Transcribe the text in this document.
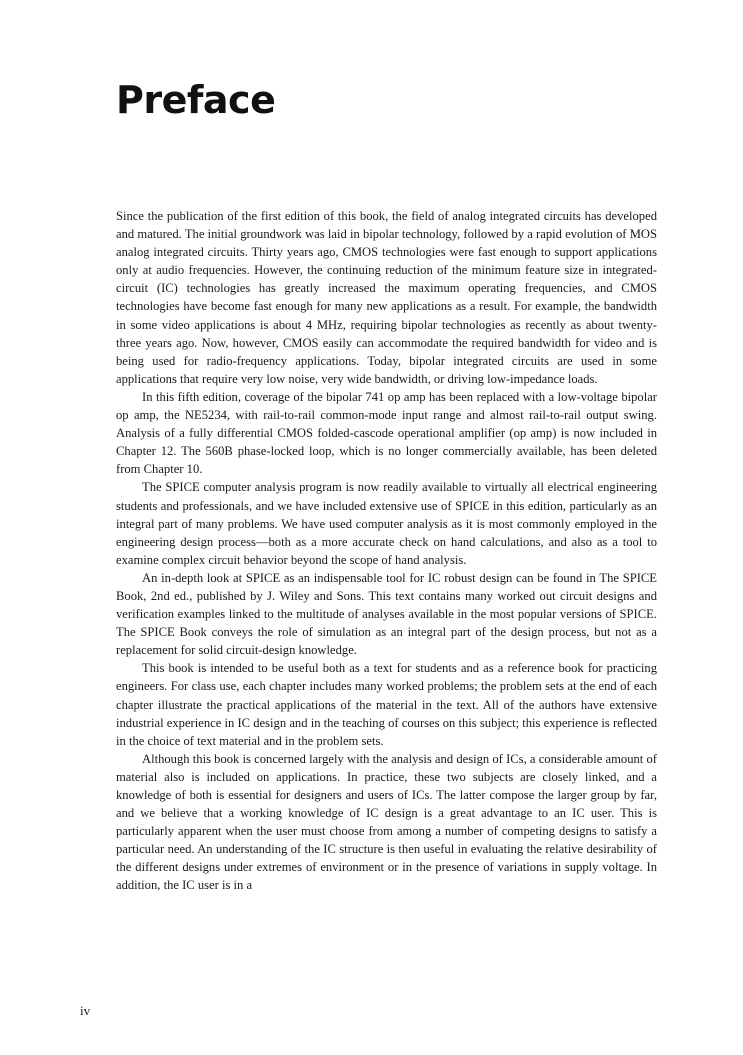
Preface

Since the publication of the first edition of this book, the field of analog integrated circuits has developed and matured. The initial groundwork was laid in bipolar technology, followed by a rapid evolution of MOS analog integrated circuits. Thirty years ago, CMOS technologies were fast enough to support applications only at audio frequencies. However, the continuing reduction of the minimum feature size in integrated-circuit (IC) technologies has greatly increased the maximum operating frequencies, and CMOS technologies have become fast enough for many new applications as a result. For example, the bandwidth in some video applications is about 4 MHz, requiring bipolar technologies as recently as about twenty-three years ago. Now, however, CMOS easily can accommodate the required bandwidth for video and is being used for radio-frequency applications. Today, bipolar integrated circuits are used in some applications that require very low noise, very wide bandwidth, or driving low-impedance loads.

In this fifth edition, coverage of the bipolar 741 op amp has been replaced with a low-voltage bipolar op amp, the NE5234, with rail-to-rail common-mode input range and almost rail-to-rail output swing. Analysis of a fully differential CMOS folded-cascode operational amplifier (op amp) is now included in Chapter 12. The 560B phase-locked loop, which is no longer commercially available, has been deleted from Chapter 10.

The SPICE computer analysis program is now readily available to virtually all electrical engineering students and professionals, and we have included extensive use of SPICE in this edition, particularly as an integral part of many problems. We have used computer analysis as it is most commonly employed in the engineering design process—both as a more accurate check on hand calculations, and also as a tool to examine complex circuit behavior beyond the scope of hand analysis.

An in-depth look at SPICE as an indispensable tool for IC robust design can be found in The SPICE Book, 2nd ed., published by J. Wiley and Sons. This text contains many worked out circuit designs and verification examples linked to the multitude of analyses available in the most popular versions of SPICE. The SPICE Book conveys the role of simulation as an integral part of the design process, but not as a replacement for solid circuit-design knowledge.

This book is intended to be useful both as a text for students and as a reference book for practicing engineers. For class use, each chapter includes many worked problems; the problem sets at the end of each chapter illustrate the practical applications of the material in the text. All of the authors have extensive industrial experience in IC design and in the teaching of courses on this subject; this experience is reflected in the choice of text material and in the problem sets.

Although this book is concerned largely with the analysis and design of ICs, a considerable amount of material also is included on applications. In practice, these two subjects are closely linked, and a knowledge of both is essential for designers and users of ICs. The latter compose the larger group by far, and we believe that a working knowledge of IC design is a great advantage to an IC user. This is particularly apparent when the user must choose from among a number of competing designs to satisfy a particular need. An understanding of the IC structure is then useful in evaluating the relative desirability of the different designs under extremes of environment or in the presence of variations in supply voltage. In addition, the IC user is in a

iv
